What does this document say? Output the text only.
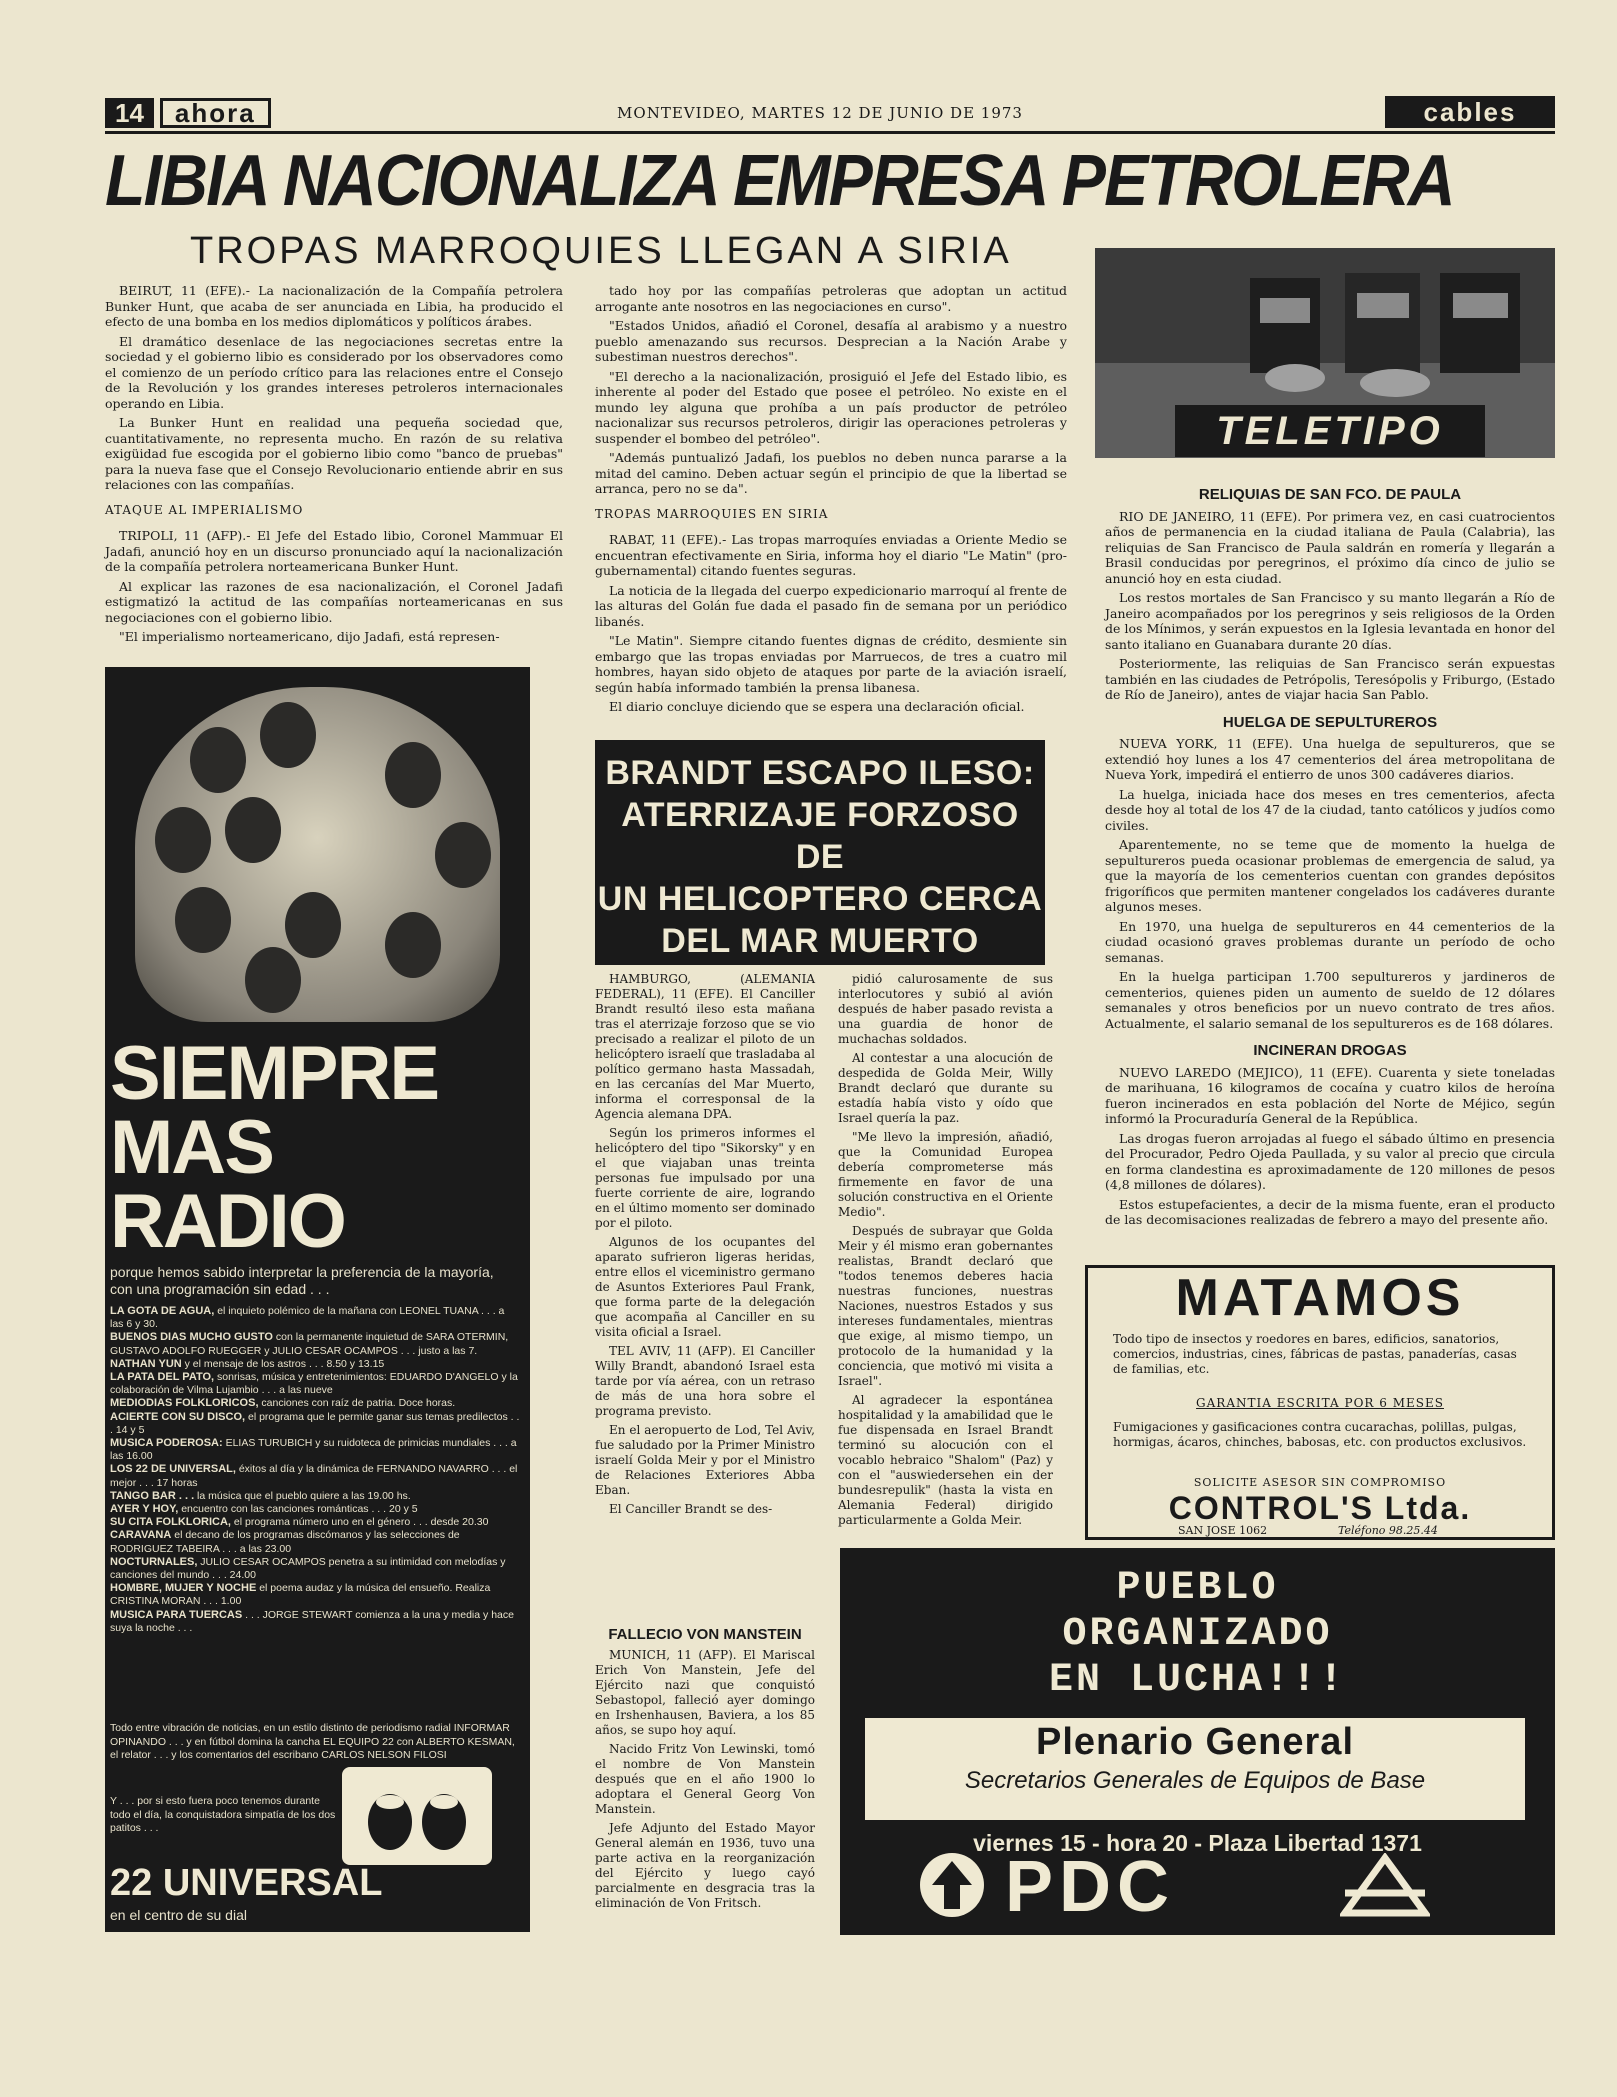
14	ahora	MONTEVIDEO, MARTES 12 DE JUNIO DE 1973	cables
LIBIA NACIONALIZA EMPRESA PETROLERA
TROPAS MARROQUIES LLEGAN A SIRIA

BEIRUT, 11 (EFE).- La nacionalización de la Compañía petrolera Bunker Hunt, que acaba de ser anunciada en Libia, ha producido el efecto de una bomba en los medios diplomáticos y políticos árabes.

El dramático desenlace de las negociaciones secretas entre la sociedad y el gobierno libio es considerado por los observadores como el comienzo de un período crítico para las relaciones entre el Consejo de la Revolución y los grandes intereses petroleros internacionales operando en Libia.

La Bunker Hunt en realidad una pequeña sociedad que, cuantitativamente, no representa mucho. En razón de su relativa exigüidad fue escogida por el gobierno libio como "banco de pruebas" para la nueva fase que el Consejo Revolucionario entiende abrir en sus relaciones con las compañías.

ATAQUE AL IMPERIALISMO

TRIPOLI, 11 (AFP).- El Jefe del Estado libio, Coronel Mammuar El Jadafi, anunció hoy en un discurso pronunciado aquí la nacionalización de la compañía petrolera norteamericana Bunker Hunt.

Al explicar las razones de esa nacionalización, el Coronel Jadafi estigmatizó la actitud de las compañías norteamericanas en sus negociaciones con el gobierno libio.

"El imperialismo norteamericano, dijo Jadafi, está represen-

tado hoy por las compañías petroleras que adoptan un actitud arrogante ante nosotros en las negociaciones en curso".

"Estados Unidos, añadió el Coronel, desafía al arabismo y a nuestro pueblo amenazando sus recursos. Desprecian a la Nación Arabe y subestiman nuestros derechos".

"El derecho a la nacionalización, prosiguió el Jefe del Estado libio, es inherente al poder del Estado que posee el petróleo. No existe en el mundo ley alguna que prohíba a un país productor de petróleo nacionalizar sus recursos petroleros, dirigir las operaciones petroleras y suspender el bombeo del petróleo".

"Además puntualizó Jadafi, los pueblos no deben nunca pararse a la mitad del camino. Deben actuar según el principio de que la libertad se arranca, pero no se da".

TROPAS MARROQUIES EN SIRIA

RABAT, 11 (EFE).- Las tropas marroquíes enviadas a Oriente Medio se encuentran efectivamente en Siria, informa hoy el diario "Le Matin" (pro-gubernamental) citando fuentes seguras.

La noticia de la llegada del cuerpo expedicionario marroquí al frente de las alturas del Golán fue dada el pasado fin de semana por un periódico libanés.

"Le Matin". Siempre citando fuentes dignas de crédito, desmiente sin embargo que las tropas enviadas por Marruecos, de tres a cuatro mil hombres, hayan sido objeto de ataques por parte de la aviación israelí, según había informado también la prensa libanesa.

El diario concluye diciendo que se espera una declaración oficial.

TELETIPO

RELIQUIAS DE SAN FCO. DE PAULA

RIO DE JANEIRO, 11 (EFE). Por primera vez, en casi cuatrocientos años de permanencia en la ciudad italiana de Paula (Calabria), las reliquias de San Francisco de Paula saldrán en romería y llegarán a Brasil conducidas por peregrinos, el próximo día cinco de julio se anunció hoy en esta ciudad.

Los restos mortales de San Francisco y su manto llegarán a Río de Janeiro acompañados por los peregrinos y seis religiosos de la Orden de los Mínimos, y serán expuestos en la Iglesia levantada en honor del santo italiano en Guanabara durante 20 días.

Posteriormente, las reliquias de San Francisco serán expuestas también en las ciudades de Petrópolis, Teresópolis y Friburgo, (Estado de Río de Janeiro), antes de viajar hacia San Pablo.

HUELGA DE SEPULTUREROS

NUEVA YORK, 11 (EFE). Una huelga de sepultureros, que se extendió hoy lunes a los 47 cementerios del área metropolitana de Nueva York, impedirá el entierro de unos 300 cadáveres diarios.

La huelga, iniciada hace dos meses en tres cementerios, afecta desde hoy al total de los 47 de la ciudad, tanto católicos y judíos como civiles.

Aparentemente, no se teme que de momento la huelga de sepultureros pueda ocasionar problemas de emergencia de salud, ya que la mayoría de los cementerios cuentan con grandes depósitos frigoríficos que permiten mantener congelados los cadáveres durante algunos meses.

En 1970, una huelga de sepultureros en 44 cementerios de la ciudad ocasionó graves problemas durante un período de ocho semanas.

En la huelga participan 1.700 sepultureros y jardineros de cementerios, quienes piden un aumento de sueldo de 12 dólares semanales y otros beneficios por un nuevo contrato de tres años. Actualmente, el salario semanal de los sepultureros es de 168 dólares.

INCINERAN DROGAS

NUEVO LAREDO (MEJICO), 11 (EFE). Cuarenta y siete toneladas de marihuana, 16 kilogramos de cocaína y cuatro kilos de heroína fueron incinerados en esta población del Norte de Méjico, según informó la Procuraduría General de la República.

Las drogas fueron arrojadas al fuego el sábado último en presencia del Procurador, Pedro Ojeda Paullada, y su valor al precio que circula en forma clandestina es aproximadamente de 120 millones de pesos (4,8 millones de dólares).

Estos estupefacientes, a decir de la misma fuente, eran el producto de las decomisaciones realizadas de febrero a mayo del presente año.

SIEMPRE
MAS
RADIO
porque hemos sabido interpretar la preferencia de la mayoría, con una programación sin edad . . .

LA GOTA DE AGUA, el inquieto polémico de la mañana con LEONEL TUANA . . . a las 6 y 30.

BUENOS DIAS MUCHO GUSTO con la permanente inquietud de SARA OTERMIN, GUSTAVO ADOLFO RUEGGER y JULIO CESAR OCAMPOS . . . justo a las 7.

NATHAN YUN y el mensaje de los astros . . . 8.50 y 13.15

LA PATA DEL PATO, sonrisas, música y entretenimientos: EDUARDO D'ANGELO y la colaboración de Vilma Lujambio . . . a las nueve

MEDIODIAS FOLKLORICOS, canciones con raíz de patria. Doce horas.

ACIERTE CON SU DISCO, el programa que le permite ganar sus temas predilectos . . . 14 y 5

MUSICA PODEROSA: ELIAS TURUBICH y su ruidoteca de primicias mundiales . . . a las 16.00

LOS 22 DE UNIVERSAL, éxitos al día y la dinámica de FERNANDO NAVARRO . . . el mejor . . . 17 horas

TANGO BAR . . . la música que el pueblo quiere a las 19.00 hs.

AYER Y HOY, encuentro con las canciones románticas . . . 20 y 5

SU CITA FOLKLORICA, el programa número uno en el género . . . desde 20.30

CARAVANA el decano de los programas discómanos y las selecciones de RODRIGUEZ TABEIRA . . . a las 23.00

NOCTURNALES, JULIO CESAR OCAMPOS penetra a su intimidad con melodías y canciones del mundo . . . 24.00

HOMBRE, MUJER Y NOCHE el poema audaz y la música del ensueño. Realiza CRISTINA MORAN . . . 1.00

MUSICA PARA TUERCAS . . . JORGE STEWART comienza a la una y media y hace suya la noche . . .

Todo entre vibración de noticias, en un estilo distinto de periodismo radial INFORMAR OPINANDO . . . y en fútbol domina la cancha EL EQUIPO 22 con ALBERTO KESMAN, el relator . . . y los comentarios del escribano CARLOS NELSON FILOSI
Y . . . por si esto fuera poco tenemos durante todo el día, la conquistadora simpatía de los dos patitos . . .
22 UNIVERSAL
en el centro de su dial
BRANDT ESCAPO ILESO:
ATERRIZAJE FORZOSO DE
UN HELICOPTERO CERCA
DEL MAR MUERTO

HAMBURGO, (ALEMANIA FEDERAL), 11 (EFE). El Canciller Brandt resultó ileso esta mañana tras el aterrizaje forzoso que se vio precisado a realizar el piloto de un helicóptero israelí que trasladaba al político germano hasta Massadah, en las cercanías del Mar Muerto, informa el corresponsal de la Agencia alemana DPA.

Según los primeros informes el helicóptero del tipo "Sikorsky" y en el que viajaban unas treinta personas fue impulsado por una fuerte corriente de aire, logrando en el último momento ser dominado por el piloto.

Algunos de los ocupantes del aparato sufrieron ligeras heridas, entre ellos el viceministro germano de Asuntos Exteriores Paul Frank, que forma parte de la delegación que acompaña al Canciller en su visita oficial a Israel.

TEL AVIV, 11 (AFP). El Canciller Willy Brandt, abandonó Israel esta tarde por vía aérea, con un retraso de más de una hora sobre el programa previsto.

En el aeropuerto de Lod, Tel Aviv, fue saludado por la Primer Ministro israelí Golda Meir y por el Ministro de Relaciones Exteriores Abba Eban.

El Canciller Brandt se des-

pidió calurosamente de sus interlocutores y subió al avión después de haber pasado revista a una guardia de honor de muchachas soldados.

Al contestar a una alocución de despedida de Golda Meir, Willy Brandt declaró que durante su estadía había visto y oído que Israel quería la paz.

"Me llevo la impresión, añadió, que la Comunidad Europea debería comprometerse más firmemente en favor de una solución constructiva en el Oriente Medio".

Después de subrayar que Golda Meir y él mismo eran gobernantes realistas, Brandt declaró que "todos tenemos deberes hacia nuestras funciones, nuestras Naciones, nuestros Estados y sus intereses fundamentales, mientras que exige, al mismo tiempo, un protocolo de la humanidad y la conciencia, que motivó mi visita a Israel".

Al agradecer la espontánea hospitalidad y la amabilidad que le fue dispensada en Israel Brandt terminó su alocución con el vocablo hebraico "Shalom" (Paz) y con el "auswiedersehen ein der bundesrepulik" (hasta la vista en Alemania Federal) dirigido particularmente a Golda Meir.

FALLECIO VON MANSTEIN

MUNICH, 11 (AFP). El Mariscal Erich Von Manstein, Jefe del Ejército nazi que conquistó Sebastopol, falleció ayer domingo en Irshenhausen, Baviera, a los 85 años, se supo hoy aquí.

Nacido Fritz Von Lewinski, tomó el nombre de Von Manstein después que en el año 1900 lo adoptara el General Georg Von Manstein.

Jefe Adjunto del Estado Mayor General alemán en 1936, tuvo una parte activa en la reorganización del Ejército y luego cayó parcialmente en desgracia tras la eliminación de Von Fritsch.

MATAMOS
Todo tipo de insectos y roedores en bares, edificios, sanatorios, comercios, industrias, cines, fábricas de pastas, panaderías, casas de familias, etc.
GARANTIA ESCRITA POR 6 MESES
Fumigaciones y gasificaciones contra cucarachas, polillas, pulgas, hormigas, ácaros, chinches, babosas, etc. con productos exclusivos.
SOLICITE ASESOR SIN COMPROMISO
CONTROL'S Ltda.
SAN JOSE 1062	Teléfono 98.25.44
PUEBLO
ORGANIZADO
EN LUCHA!!!
Plenario General
Secretarios Generales de Equipos de Base
viernes 15 - hora 20 - Plaza Libertad 1371
PDC
